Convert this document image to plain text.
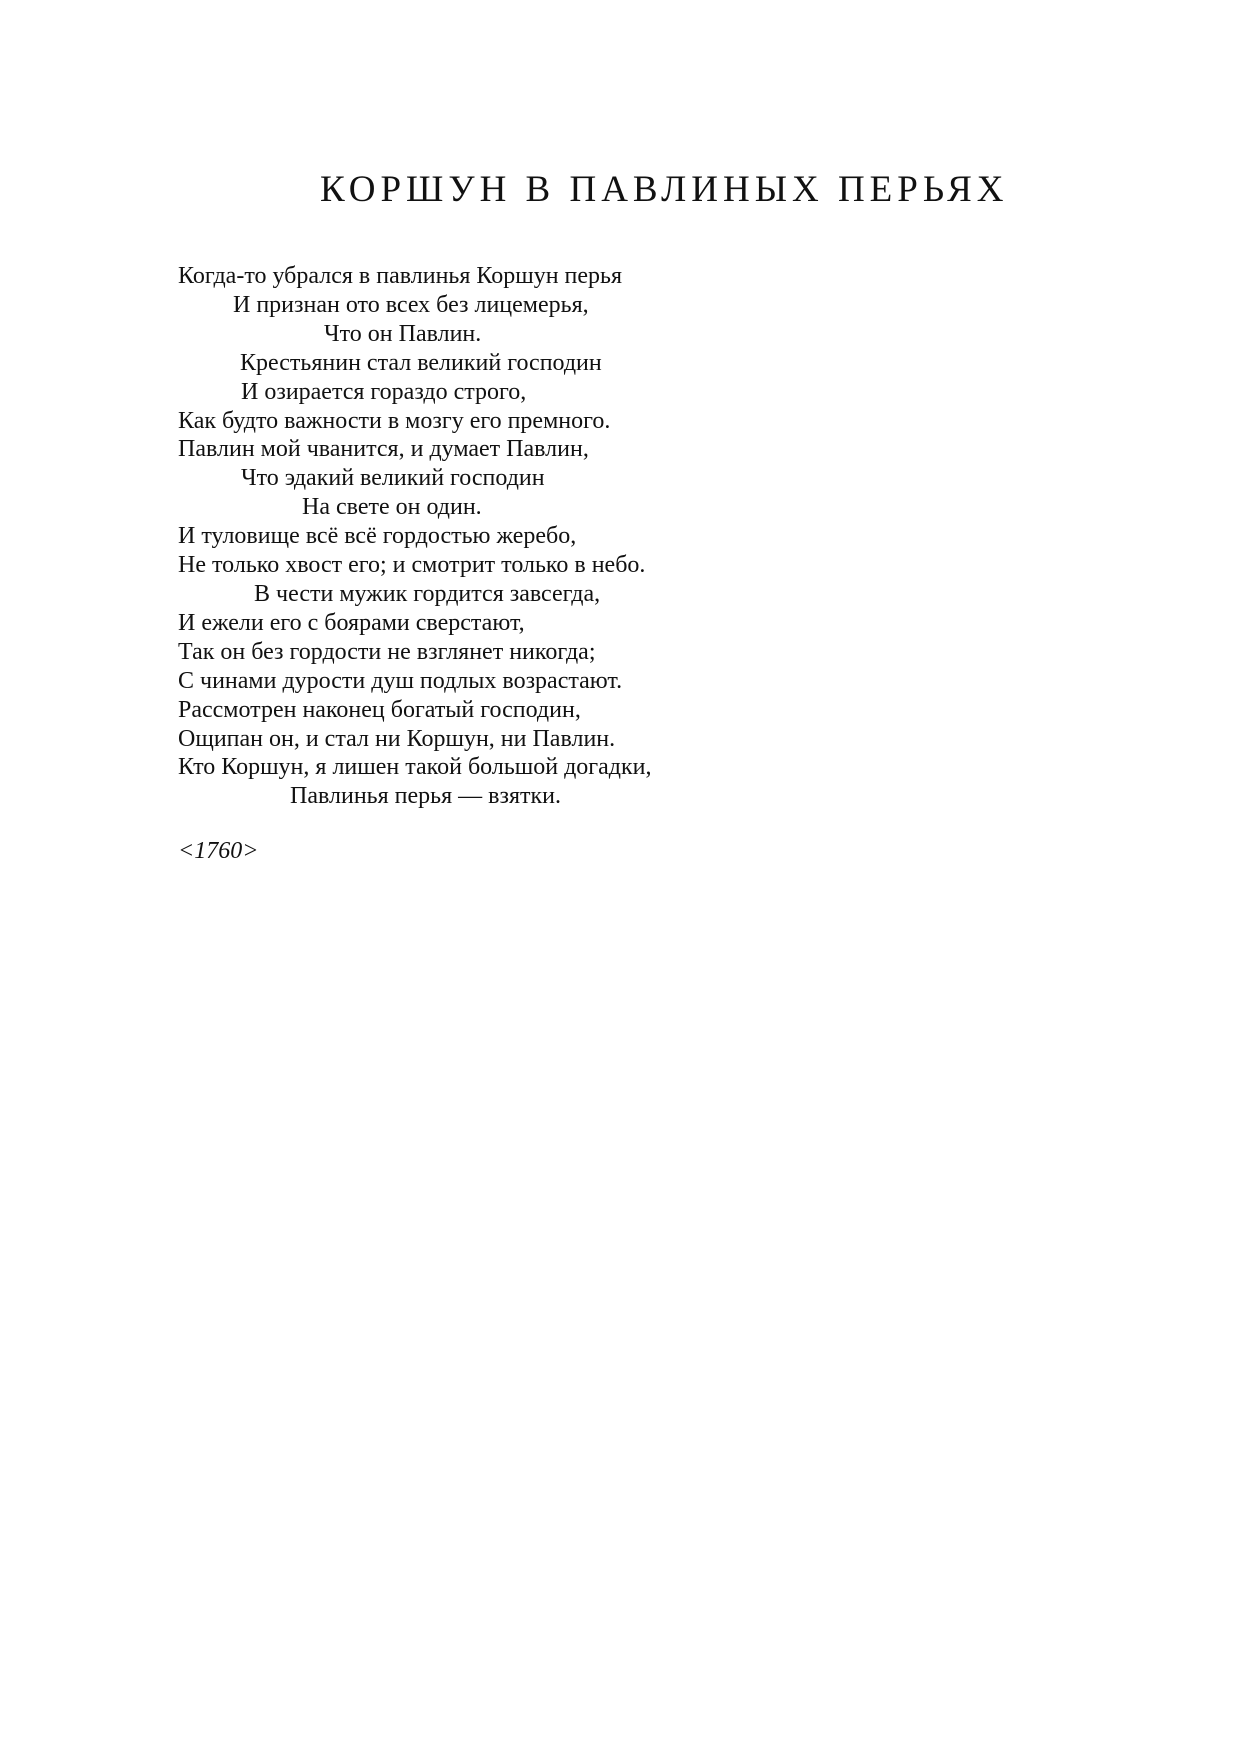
КОРШУН В ПАВЛИНЫХ ПЕРЬЯХ
Когда-то убрался в павлинья Коршун перья
И признан ото всех без лицемерья,
Что он Павлин.
Крестьянин стал великий господин
И озирается гораздо строго,
Как будто важности в мозгу его премного.
Павлин мой чванится, и думает Павлин,
Что эдакий великий господин
На свете он один.
И туловище всё всё гордостью жеребо,
Не только хвост его; и смотрит только в небо.
В чести мужик гордится завсегда,
И ежели его с боярами сверстают,
Так он без гордости не взглянет никогда;
С чинами дурости душ подлых возрастают.
Рассмотрен наконец богатый господин,
Ощипан он, и стал ни Коршун, ни Павлин.
Кто Коршун, я лишен такой большой догадки,
Павлинья перья — взятки.
<1760>
